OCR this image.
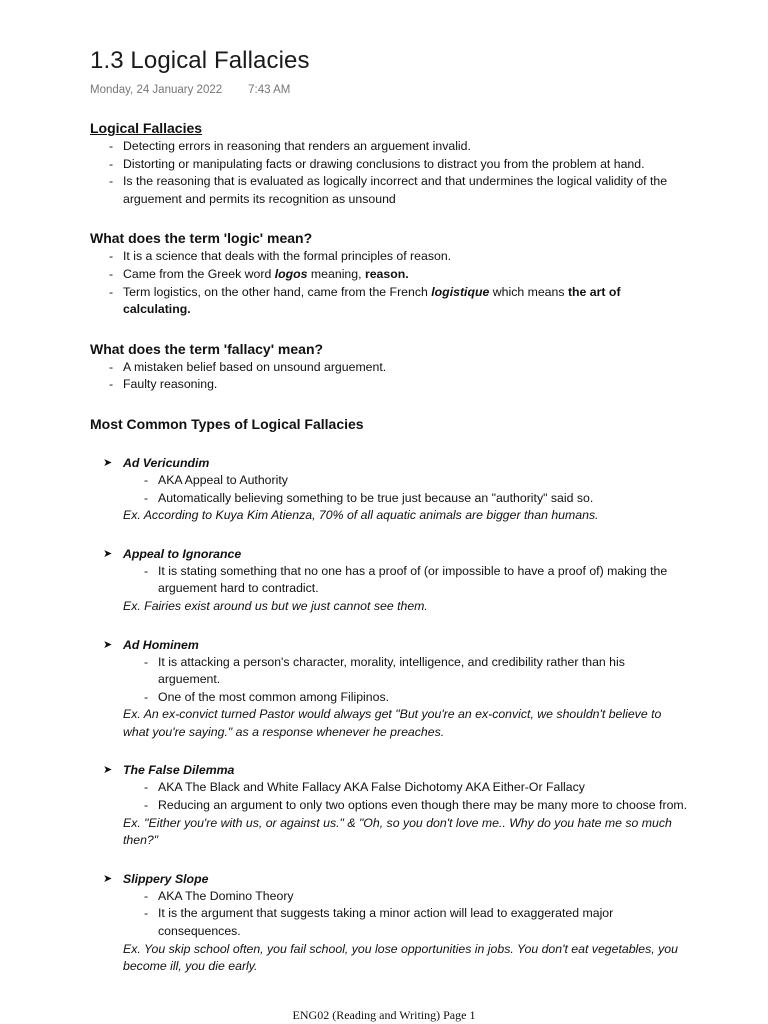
1.3 Logical Fallacies
Monday, 24 January 2022 7:43 AM
Logical Fallacies
- Detecting errors in reasoning that renders an arguement invalid.
- Distorting or manipulating facts or drawing conclusions to distract you from the problem at hand.
- Is the reasoning that is evaluated as logically incorrect and that undermines the logical validity of the arguement and permits its recognition as unsound
What does the term 'logic' mean?
- It is a science that deals with the formal principles of reason.
- Came from the Greek word logos meaning, reason.
- Term logistics, on the other hand, came from the French logistique which means the art of calculating.
What does the term 'fallacy' mean?
- A mistaken belief based on unsound arguement.
- Faulty reasoning.
Most Common Types of Logical Fallacies
➤ Ad Vericundim
- AKA Appeal to Authority
- Automatically believing something to be true just because an "authority" said so.
Ex. According to Kuya Kim Atienza, 70% of all aquatic animals are bigger than humans.
➤ Appeal to Ignorance
- It is stating something that no one has a proof of (or impossible to have a proof of) making the arguement hard to contradict.
Ex. Fairies exist around us but we just cannot see them.
➤ Ad Hominem
- It is attacking a person's character, morality, intelligence, and credibility rather than his arguement.
- One of the most common among Filipinos.
Ex. An ex-convict turned Pastor would always get "But you're an ex-convict, we shouldn't believe to what you're saying." as a response whenever he preaches.
➤ The False Dilemma
- AKA The Black and White Fallacy AKA False Dichotomy AKA Either-Or Fallacy
- Reducing an argument to only two options even though there may be many more to choose from.
Ex. "Either you're with us, or against us." & "Oh, so you don't love me.. Why do you hate me so much then?"
➤ Slippery Slope
- AKA The Domino Theory
- It is the argument that suggests taking a minor action will lead to exaggerated major consequences.
Ex. You skip school often, you fail school, you lose opportunities in jobs. You don't eat vegetables, you become ill, you die early.
ENG02 (Reading and Writing) Page 1
